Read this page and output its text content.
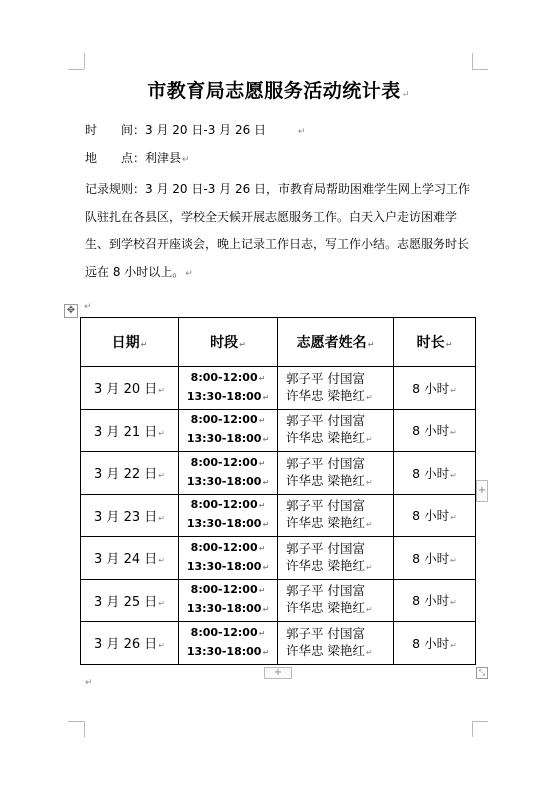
市教育局志愿服务活动统计表↵
时　　间：3 月 20 日-3 月 26 日	↵
地　　点：利津县↵
记录规则：3 月 20 日-3 月 26 日，市教育局帮助困难学生网上学习工作队驻扎在各县区，学校全天候开展志愿服务工作。白天入户走访困难学生、到学校召开座谈会，晚上记录工作日志，写工作小结。志愿服务时长远在 8 小时以上。↵
✥ ↵
日期↵	时段↵	志愿者姓名↵	时长↵
3 月 20 日↵	8:00-12:00↵
13:30-18:00↵	郭子平 付国富
许华忠 梁艳红↵	8 小时↵
3 月 21 日↵	8:00-12:00↵
13:30-18:00↵	郭子平 付国富
许华忠 梁艳红↵	8 小时↵
3 月 22 日↵	8:00-12:00↵
13:30-18:00↵	郭子平 付国富
许华忠 梁艳红↵	8 小时↵
3 月 23 日↵	8:00-12:00↵
13:30-18:00↵	郭子平 付国富
许华忠 梁艳红↵	8 小时↵
3 月 24 日↵	8:00-12:00↵
13:30-18:00↵	郭子平 付国富
许华忠 梁艳红↵	8 小时↵
3 月 25 日↵	8:00-12:00↵
13:30-18:00↵	郭子平 付国富
许华忠 梁艳红↵	8 小时↵
3 月 26 日↵	8:00-12:00↵
13:30-18:00↵	郭子平 付国富
许华忠 梁艳红↵	8 小时↵
+
+	⤡
↵
